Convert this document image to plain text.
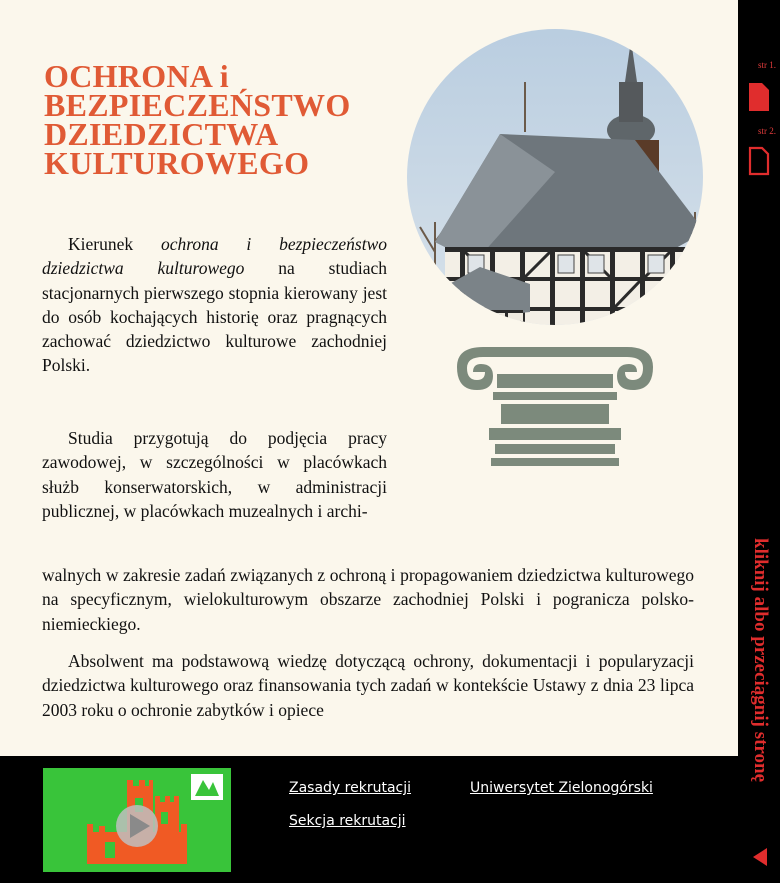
OCHRONA i
BEZPIECZEŃSTWO
DZIEDZICTWA
KULTUROWEGO

Kierunek ochrona i bezpieczeństwo dziedzictwa kulturowego na studiach stacjonarnych pierwszego stopnia kierowany jest do osób kochających historię oraz pragnących zachować dziedzictwo kulturowe zachodniej Polski.

Studia przygotują do podjęcia pracy zawodowej, w szczególności w placówkach służb konserwatorskich, w administracji publicznej, w placówkach muzealnych i archi-

walnych w zakresie zadań związanych z ochroną i propagowaniem dziedzictwa kulturowego na specyficznym, wielokulturowym obszarze zachodniej Polski i pogranicza polsko-niemieckiego.

Absolwent ma podstawową wiedzę dotyczącą ochrony, dokumentacji i popularyzacji dziedzictwa kulturowego oraz finansowania tych zadań w kontekście Ustawy z dnia 23 lipca 2003 roku o ochronie zabytków i opiece

Zasady rekrutacji
Sekcja rekrutacji
Uniwersytet Zielonogórski
str 1.
str 2.
kliknij albo przeciągnij stronę
